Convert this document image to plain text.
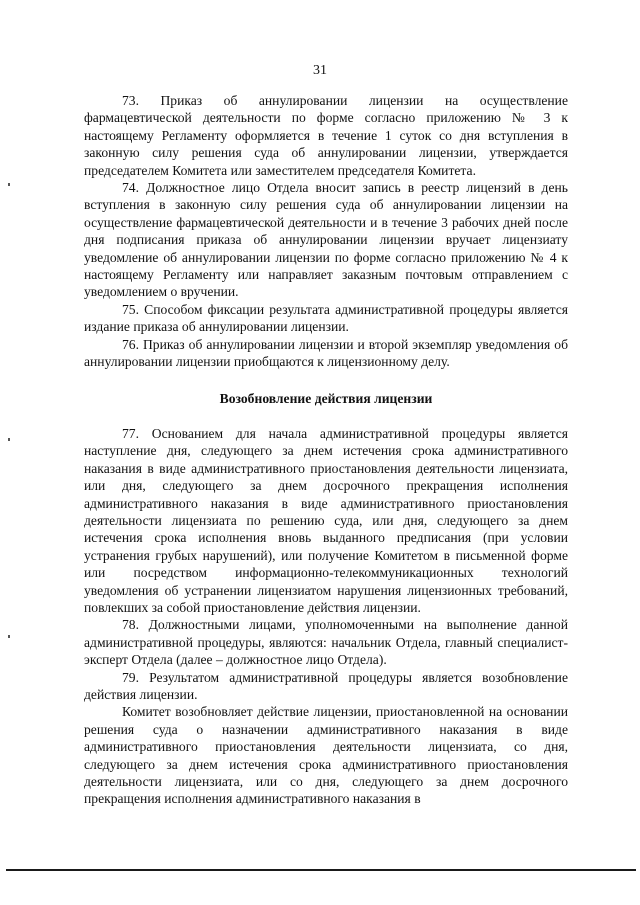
31

73. Приказ об аннулировании лицензии на осуществление фармацевтической деятельности по форме согласно приложению № 3 к настоящему Регламенту оформляется в течение 1 суток со дня вступления в законную силу решения суда об аннулировании лицензии, утверждается председателем Комитета или заместителем председателя Комитета.

74. Должностное лицо Отдела вносит запись в реестр лицензий в день вступления в законную силу решения суда об аннулировании лицензии на осуществление фармацевтической деятельности и в течение 3 рабочих дней после дня подписания приказа об аннулировании лицензии вручает лицензиату уведомление об аннулировании лицензии по форме согласно приложению № 4 к настоящему Регламенту или направляет заказным почтовым отправлением с уведомлением о вручении.

75. Способом фиксации результата административной процедуры является издание приказа об аннулировании лицензии.

76. Приказ об аннулировании лицензии и второй экземпляр уведомления об аннулировании лицензии приобщаются к лицензионному делу.

Возобновление действия лицензии

77. Основанием для начала административной процедуры является наступление дня, следующего за днем истечения срока административного наказания в виде административного приостановления деятельности лицензиата, или дня, следующего за днем досрочного прекращения исполнения административного наказания в виде административного приостановления деятельности лицензиата по решению суда, или дня, следующего за днем истечения срока исполнения вновь выданного предписания (при условии устранения грубых нарушений), или получение Комитетом в письменной форме или посредством информационно-телекоммуникационных технологий уведомления об устранении лицензиатом нарушения лицензионных требований, повлекших за собой приостановление действия лицензии.

78. Должностными лицами, уполномоченными на выполнение данной административной процедуры, являются: начальник Отдела, главный специалист-эксперт Отдела (далее – должностное лицо Отдела).

79. Результатом административной процедуры является возобновление действия лицензии.

Комитет возобновляет действие лицензии, приостановленной на основании решения суда о назначении административного наказания в виде административного приостановления деятельности лицензиата, со дня, следующего за днем истечения срока административного приостановления деятельности лицензиата, или со дня, следующего за днем досрочного прекращения исполнения административного наказания в
